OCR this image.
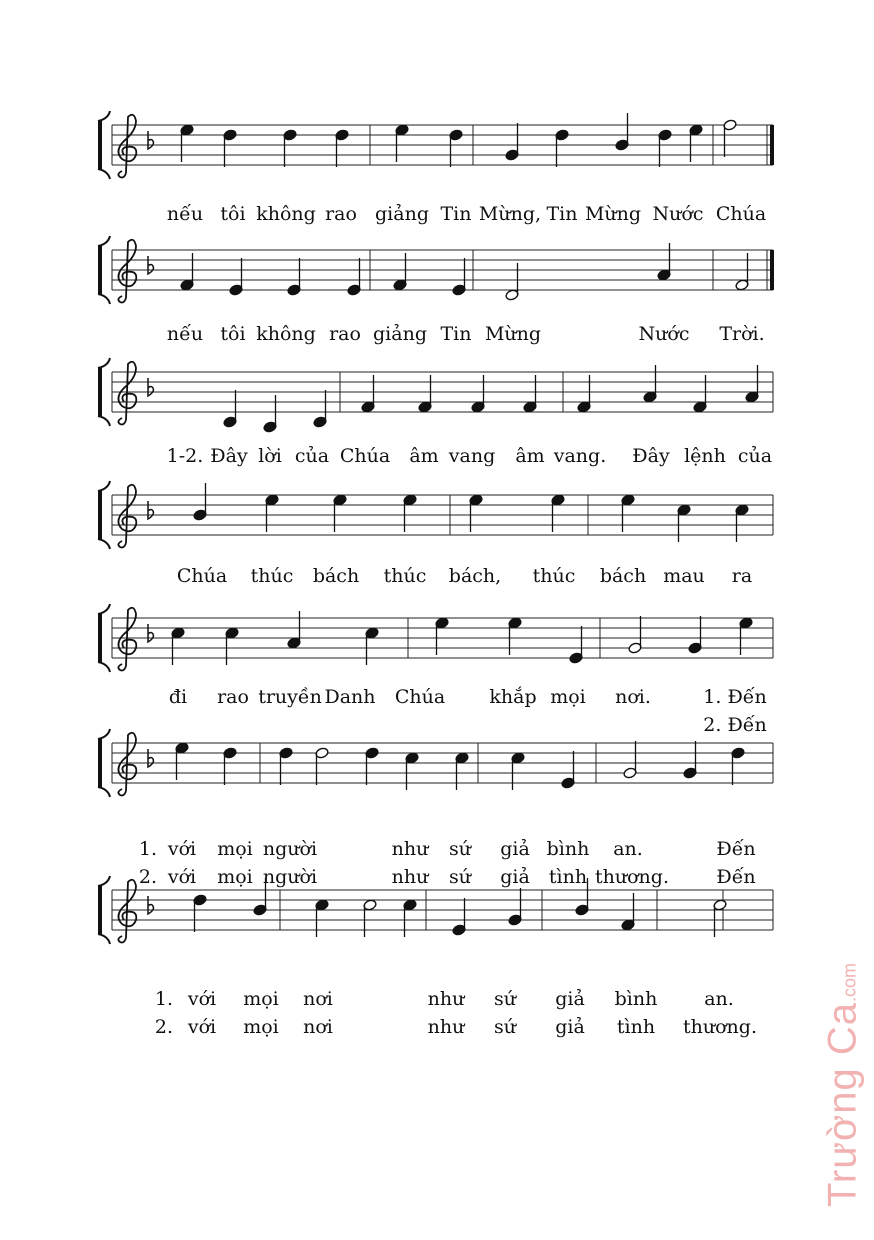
nếu tôi không rao giảng Tin Mừng, Tin Mừng Nước Chúa
nếu tôi không rao giảng Tin Mừng	Nước Trời.
1-2. Đây lời của Chúa âm vang âm vang. Đây lệnh của
Chúa thúc bách thúc bách, thúc bách mau ra
đi rao truyền Danh Chúa khắp mọi nơi.	1. Đến
2. Đến
1. với mọi người	như sứ giả bình an.	Đến
2. với mọi người	như sứ giả tình thương. Đến
1. với mọi nơi	như sứ giả bình an.
2. với mọi nơi	như sứ giả tình thương. Trường Ca.com
